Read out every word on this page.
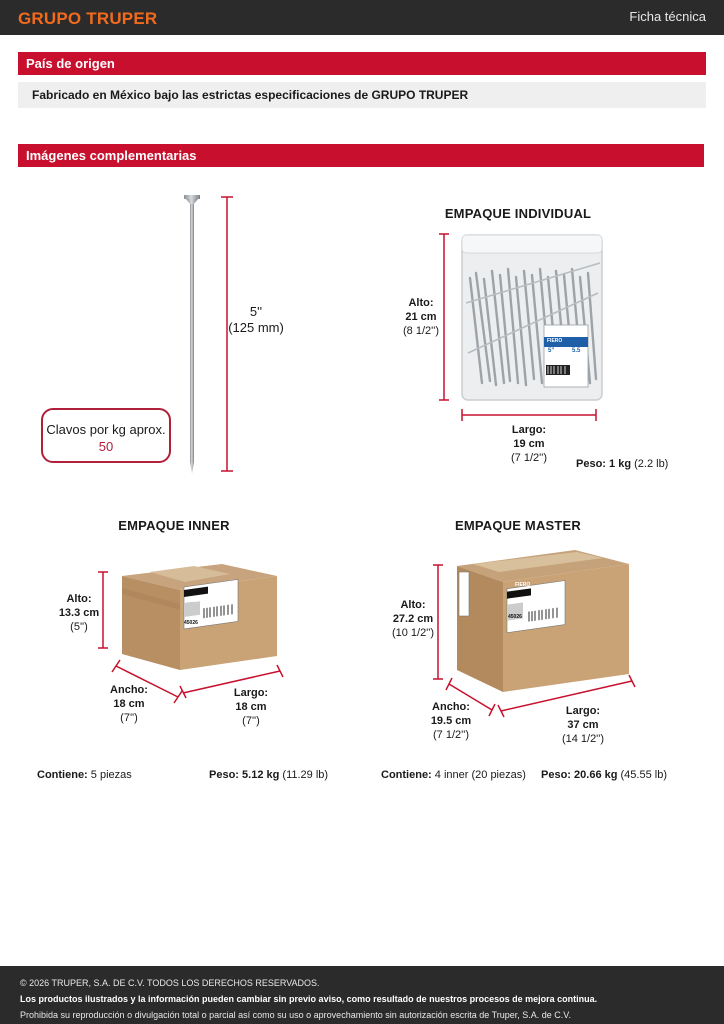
GRUPO TRUPER	Ficha técnica
País de origen
Fabricado en México bajo las estrictas especificaciones de GRUPO TRUPER
Imágenes complementarias
5''
(125 mm)
Clavos por kg aprox.
50
EMPAQUE INDIVIDUAL
FIERO
5"	5.5
Alto:
21 cm
(8 1/2'')
Largo:
19 cm
(7 1/2'')	Peso: 1 kg (2.2 lb)
EMPAQUE INNER
FIERO
45026
Alto:
13.3 cm
(5'')
Ancho:
18 cm
(7'')
Largo:
18 cm
(7'')
Contiene: 5 piezas	Peso: 5.12 kg (11.29 lb)
EMPAQUE MASTER
FIERO
45026
Alto:
27.2 cm
(10 1/2'')
Ancho:
19.5 cm
(7 1/2'')
Largo:
37 cm
(14 1/2'')
Contiene: 4 inner (20 piezas) Peso: 20.66 kg (45.55 lb)
© 2026 TRUPER, S.A. DE C.V. TODOS LOS DERECHOS RESERVADOS.
Los productos ilustrados y la información pueden cambiar sin previo aviso, como resultado de nuestros procesos de mejora continua.
Prohibida su reproducción o divulgación total o parcial así como su uso o aprovechamiento sin autorización escrita de Truper, S.A. de C.V.
